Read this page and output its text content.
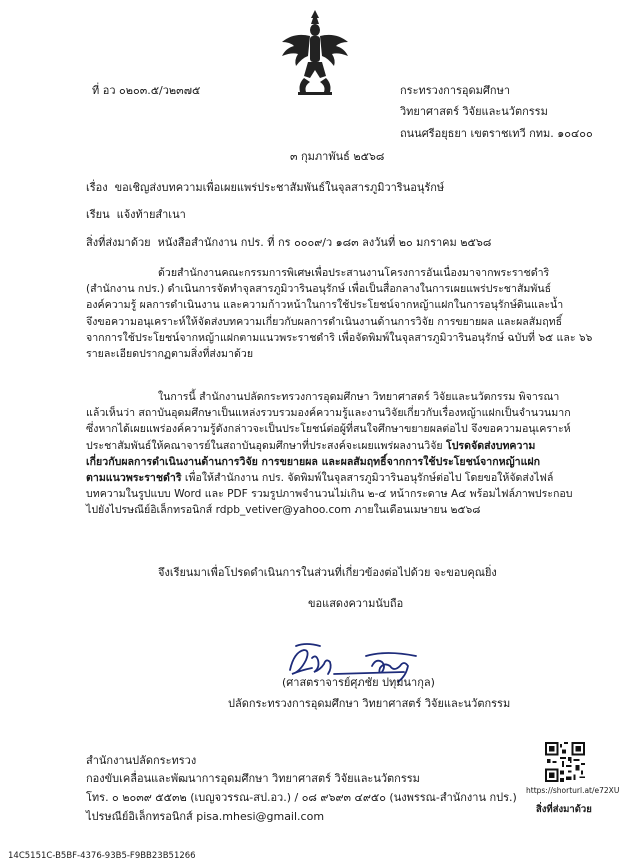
ที่ อว ๐๒๐๓.๕/ว๒๓๗๕	กระทรวงการอุดมศึกษา
วิทยาศาสตร์ วิจัยและนวัตกรรม
ถนนศรีอยุธยา เขตราชเทวี กทม. ๑๐๔๐๐
๓ กุมภาพันธ์ ๒๕๖๘
เรื่อง ขอเชิญส่งบทความเพื่อเผยแพร่ประชาสัมพันธ์ในจุลสารภูมิวารินอนุรักษ์
เรียน แจ้งท้ายสำเนา
สิ่งที่ส่งมาด้วย หนังสือสำนักงาน กปร. ที่ กร ๐๐๐๙/ว ๑๘๓ ลงวันที่ ๒๐ มกราคม ๒๕๖๘
ด้วยสำนักงานคณะกรรมการพิเศษเพื่อประสานงานโครงการอันเนื่องมาจากพระราชดำริ
(สำนักงาน กปร.) ดำเนินการจัดทำจุลสารภูมิวารินอนุรักษ์ เพื่อเป็นสื่อกลางในการเผยแพร่ประชาสัมพันธ์
องค์ความรู้ ผลการดำเนินงาน และความก้าวหน้าในการใช้ประโยชน์จากหญ้าแฝกในการอนุรักษ์ดินและน้ำ
จึงขอความอนุเคราะห์ให้จัดส่งบทความเกี่ยวกับผลการดำเนินงานด้านการวิจัย การขยายผล และผลสัมฤทธิ์
จากการใช้ประโยชน์จากหญ้าแฝกตามแนวพระราชดำริ เพื่อจัดพิมพ์ในจุลสารภูมิวารินอนุรักษ์ ฉบับที่ ๖๕ และ ๖๖
รายละเอียดปรากฏตามสิ่งที่ส่งมาด้วย
ในการนี้ สำนักงานปลัดกระทรวงการอุดมศึกษา วิทยาศาสตร์ วิจัยและนวัตกรรม พิจารณา
แล้วเห็นว่า สถาบันอุดมศึกษาเป็นแหล่งรวบรวมองค์ความรู้และงานวิจัยเกี่ยวกับเรื่องหญ้าแฝกเป็นจำนวนมาก
ซึ่งหากได้เผยแพร่องค์ความรู้ดังกล่าวจะเป็นประโยชน์ต่อผู้ที่สนใจศึกษาขยายผลต่อไป จึงขอความอนุเคราะห์
ประชาสัมพันธ์ให้คณาจารย์ในสถาบันอุดมศึกษาที่ประสงค์จะเผยแพร่ผลงานวิจัย โปรดจัดส่งบทความ
เกี่ยวกับผลการดำเนินงานด้านการวิจัย การขยายผล และผลสัมฤทธิ์จากการใช้ประโยชน์จากหญ้าแฝก
ตามแนวพระราชดำริ เพื่อให้สำนักงาน กปร. จัดพิมพ์ในจุลสารภูมิวารินอนุรักษ์ต่อไป โดยขอให้จัดส่งไฟล์
บทความในรูปแบบ Word และ PDF รวมรูปภาพจำนวนไม่เกิน ๒-๔ หน้ากระดาษ A๔ พร้อมไฟล์ภาพประกอบ
ไปยังไปรษณีย์อิเล็กทรอนิกส์ rdpb_vetiver@yahoo.com ภายในเดือนเมษายน ๒๕๖๘
จึงเรียนมาเพื่อโปรดดำเนินการในส่วนที่เกี่ยวข้องต่อไปด้วย จะขอบคุณยิ่ง
ขอแสดงความนับถือ
(ศาสตราจารย์ศุภชัย ปทุมนากุล)
ปลัดกระทรวงการอุดมศึกษา วิทยาศาสตร์ วิจัยและนวัตกรรม
สำนักงานปลัดกระทรวง
กองขับเคลื่อนและพัฒนาการอุดมศึกษา วิทยาศาสตร์ วิจัยและนวัตกรรม
โทร. ๐ ๒๐๓๙ ๕๕๓๒ (เบญจวรรณ-สป.อว.) / ๐๘ ๙๖๙๓ ๔๙๕๐ (นงพรรณ-สำนักงาน กปร.)
ไปรษณีย์อิเล็กทรอนิกส์ pisa.mhesi@gmail.com
https://shorturl.at/e72XU
สิ่งที่ส่งมาด้วย
14C5151C-B5BF-4376-93B5-F9BB23B51266
